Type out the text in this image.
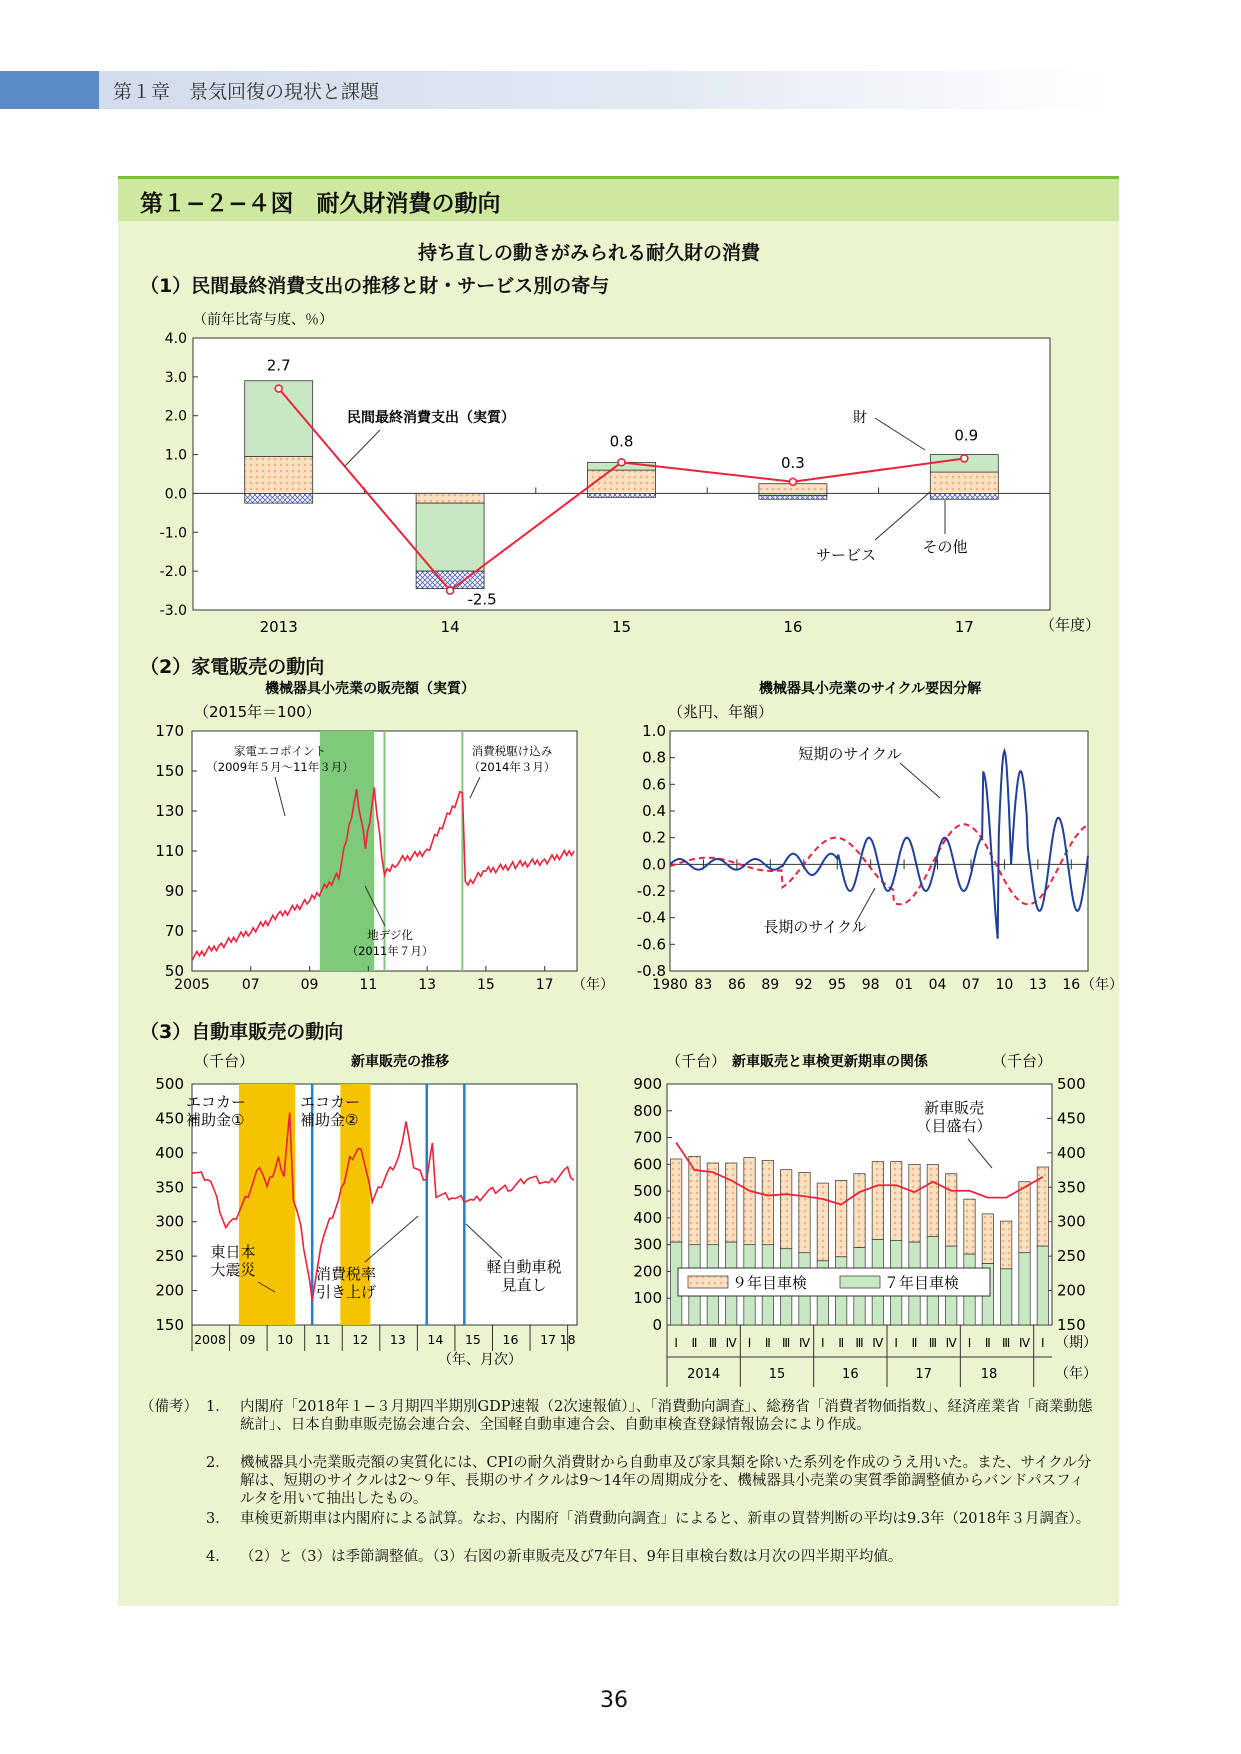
第１章　景気回復の現状と課題
第１−２−４図　耐久財消費の動向
持ち直しの動きがみられる耐久財の消費
（1）民間最終消費支出の推移と財・サービス別の寄与
（2）家電販売の動向
（3）自動車販売の動向
（前年比寄与度、％）
4.0
3.0
2.0
1.0
0.0
-1.0
-2.0
-3.0
2013	14	15	16	17
2.7
-2.5
0.8
0.3
0.9
民間最終消費支出（実質）	財
サービス	その他
（年度）
機械器具小売業の販売額（実質）
（2015年＝100）
170
150
130
110
90
70
50
2005 07	09	11	13	15	17 （年）
家電エコポイント
（2009年５月〜11年３月）
消費税駆け込み
（2014年３月）
地デジ化
（2011年７月）
機械器具小売業のサイクル要因分解
（兆円、年額）
1.0
0.8
0.6
0.4
0.2
0.0
-0.2
-0.4
-0.6
-0.8
1980 83 86 89 92 95 98 01 04 07 10 13 16 （年）
短期のサイクル
長期のサイクル
（千台）	新車販売の推移
500
450
400
350
300
250
200
150
2008 09 10 11 12 13 14 15 16 17 18
（年、月次）
エコカー
補助金①
エコカー
補助金②
東日本
大震災	消費税率
引き上げ
軽自動車税
見直し
（千台） 新車販売と車検更新期車の関係	（千台）
900
800
700
600
500
400
300
200
100
0
500
450
400
350
300
250
200
150
Ⅰ Ⅱ Ⅲ Ⅳ Ⅰ Ⅱ Ⅲ Ⅳ Ⅰ Ⅱ Ⅲ Ⅳ Ⅰ Ⅱ Ⅲ Ⅳ Ⅰ Ⅱ Ⅲ Ⅳ Ⅰ
2014	15	16	17	18
（期）
（年）
９年目車検	７年目車検
新車販売
（目盛右）
（備考） 1． 内閣府「2018年１−３月期四半期別GDP速報（2次速報値）」、「消費動向調査」、総務省「消費者物価指数」、経済産業省「商業動態統計」、日本自動車販売協会連合会、全国軽自動車連合会、自動車検査登録情報協会により作成。
2． 機械器具小売業販売額の実質化には、CPIの耐久消費財から自動車及び家具類を除いた系列を作成のうえ用いた。また、サイクル分解は、短期のサイクルは2〜９年、長期のサイクルは9〜14年の周期成分を、機械器具小売業の実質季節調整値からバンドパスフィルタを用いて抽出したもの。
3． 車検更新期車は内閣府による試算。なお、内閣府「消費動向調査」によると、新車の買替判断の平均は9.3年（2018年３月調査）。
4． （2）と（3）は季節調整値。（3）右図の新車販売及び7年目、9年目車検台数は月次の四半期平均値。
36
